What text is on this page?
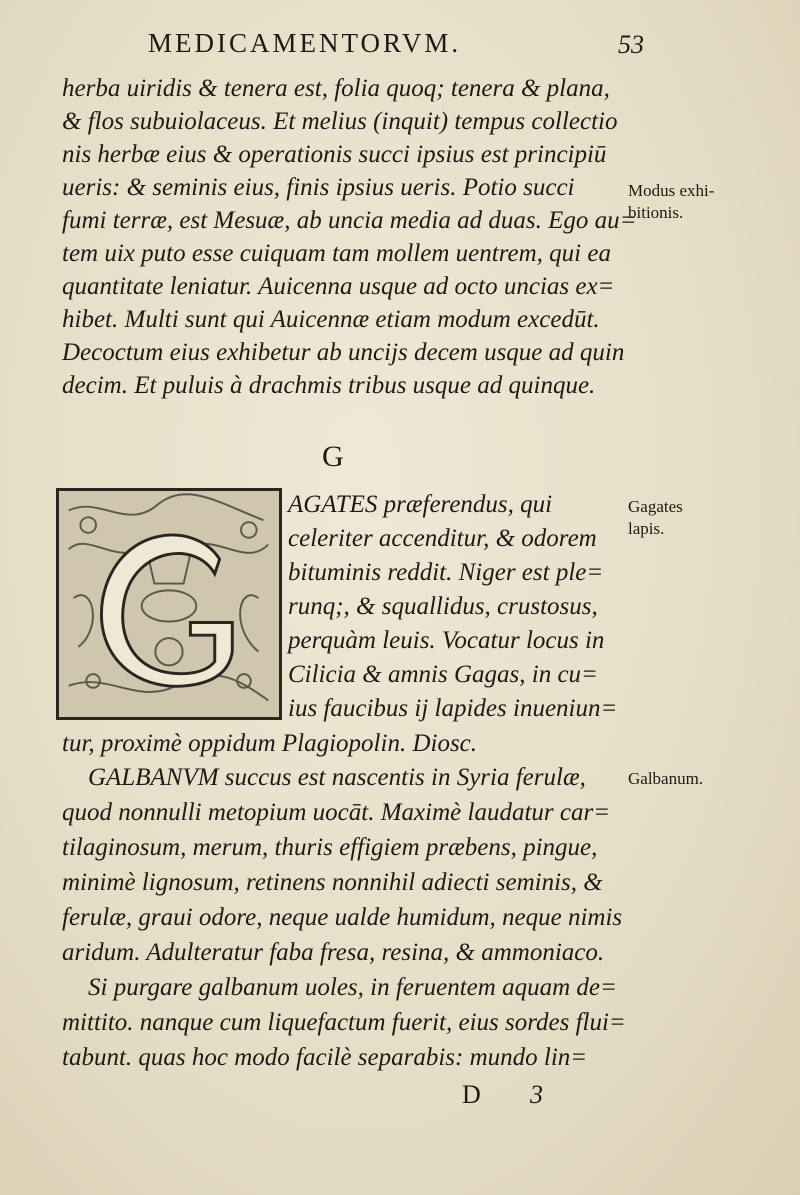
MEDICAMENTORVM.	53
herba uiridis & tenera est, folia quoq; tenera & plana,
& flos subuiolaceus. Et melius (inquit) tempus collectio
nis herbæ eius & operationis succi ipsius est principiū
ueris: & seminis eius, finis ipsius ueris. Potio succi
fumi terræ, est Mesuæ, ab uncia media ad duas. Ego au=
tem uix puto esse cuiquam tam mollem uentrem, qui ea
quantitate leniatur. Auicenna usque ad octo uncias ex=
hibet. Multi sunt qui Auicennæ etiam modum excedūt.
Decoctum eius exhibetur ab uncijs decem usque ad quin
decim. Et puluis à drachmis tribus usque ad quinque.
Modus exhi-
bitionis.
G
AGATES præferendus, qui
celeriter accenditur, & odorem
bituminis reddit. Niger est ple=
runq;, & squallidus, crustosus,
perquàm leuis. Vocatur locus in
Cilicia & amnis Gagas, in cu=
ius faucibus ij lapides inueniun=
tur, proximè oppidum Plagiopolin. Diosc.
Gagates
lapis.
GALBANVM succus est nascentis in Syria ferulæ,
quod nonnulli metopium uocāt. Maximè laudatur car=
tilaginosum, merum, thuris effigiem præbens, pingue,
minimè lignosum, retinens nonnihil adiecti seminis, &
ferulæ, graui odore, neque ualde humidum, neque nimis
aridum. Adulteratur faba fresa, resina, & ammoniaco.
Si purgare galbanum uoles, in feruentem aquam de=
mittito. nanque cum liquefactum fuerit, eius sordes flui=
tabunt. quas hoc modo facilè separabis: mundo lin=
Galbanum.
D 3
